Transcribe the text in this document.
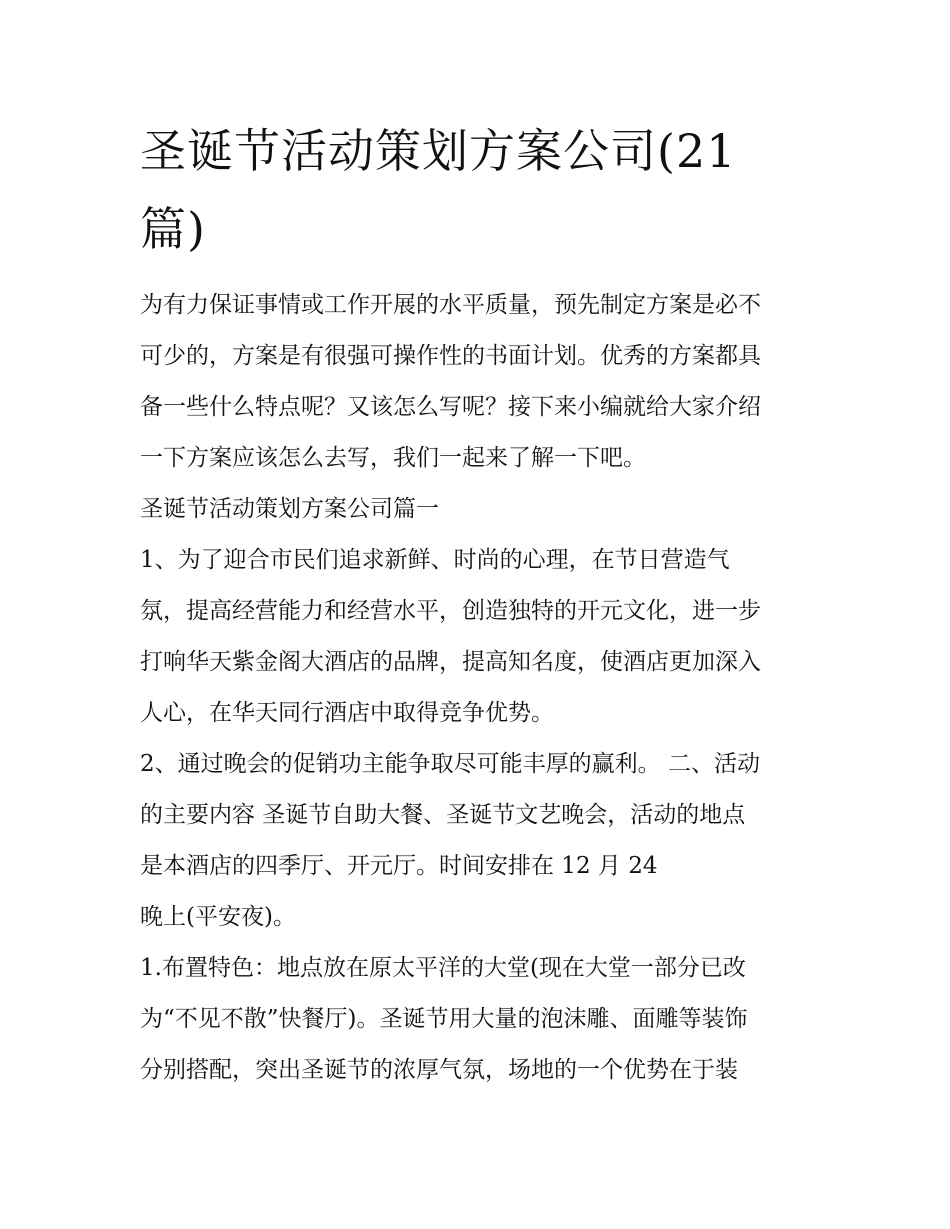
圣诞节活动策划方案公司(21
篇)

为有力保证事情或工作开展的水平质量，预先制定方案是必不
可少的，方案是有很强可操作性的书面计划。优秀的方案都具
备一些什么特点呢？又该怎么写呢？接下来小编就给大家介绍
一下方案应该怎么去写，我们一起来了解一下吧。

圣诞节活动策划方案公司篇一

1、为了迎合市民们追求新鲜、时尚的心理，在节日营造气
氛，提高经营能力和经营水平，创造独特的开元文化，进一步
打响华天紫金阁大酒店的品牌，提高知名度，使酒店更加深入
人心，在华天同行酒店中取得竞争优势。

2、通过晚会的促销功主能争取尽可能丰厚的赢利。 二、活动
的主要内容 圣诞节自助大餐、圣诞节文艺晚会，活动的地点
是本酒店的四季厅、开元厅。时间安排在 12 月 24
晚上(平安夜)。

1.布置特色：地点放在原太平洋的大堂(现在大堂一部分已改
为“不见不散”快餐厅)。圣诞节用大量的泡沫雕、面雕等装饰
分别搭配，突出圣诞节的浓厚气氛，场地的一个优势在于装
